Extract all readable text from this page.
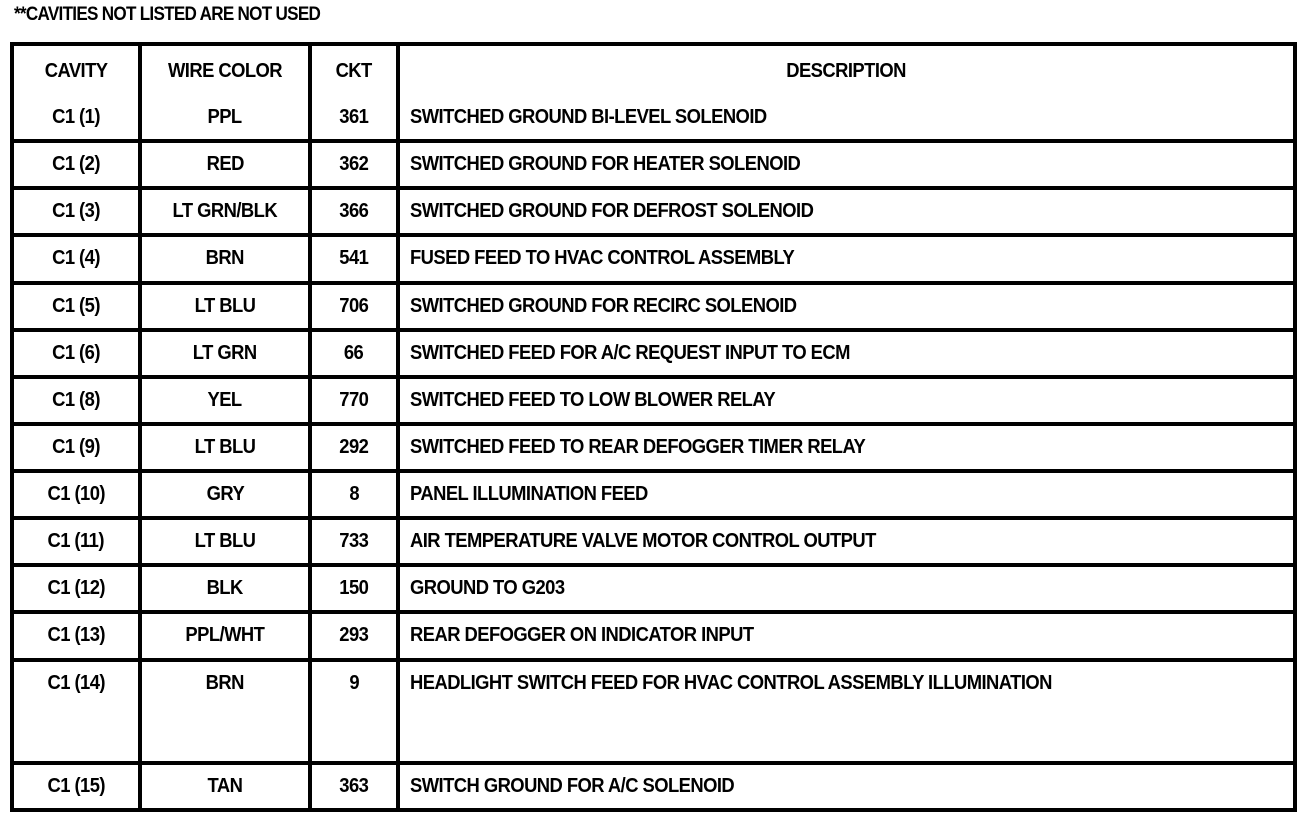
**CAVITIES NOT LISTED ARE NOT USED
CAVITY	WIRE COLOR	CKT	DESCRIPTION
C1 (1)	PPL	361	SWITCHED GROUND BI-LEVEL SOLENOID
C1 (2)	RED	362	SWITCHED GROUND FOR HEATER SOLENOID
C1 (3)	LT GRN/BLK	366	SWITCHED GROUND FOR DEFROST SOLENOID
C1 (4)	BRN	541	FUSED FEED TO HVAC CONTROL ASSEMBLY
C1 (5)	LT BLU	706	SWITCHED GROUND FOR RECIRC SOLENOID
C1 (6)	LT GRN	66	SWITCHED FEED FOR A/C REQUEST INPUT TO ECM
C1 (8)	YEL	770	SWITCHED FEED TO LOW BLOWER RELAY
C1 (9)	LT BLU	292	SWITCHED FEED TO REAR DEFOGGER TIMER RELAY
C1 (10)	GRY	8	PANEL ILLUMINATION FEED
C1 (11)	LT BLU	733	AIR TEMPERATURE VALVE MOTOR CONTROL OUTPUT
C1 (12)	BLK	150	GROUND TO G203
C1 (13)	PPL/WHT	293	REAR DEFOGGER ON INDICATOR INPUT
C1 (14)	BRN	9	HEADLIGHT SWITCH FEED FOR HVAC CONTROL ASSEMBLY ILLUMINATION
C1 (15)	TAN	363	SWITCH GROUND FOR A/C SOLENOID
